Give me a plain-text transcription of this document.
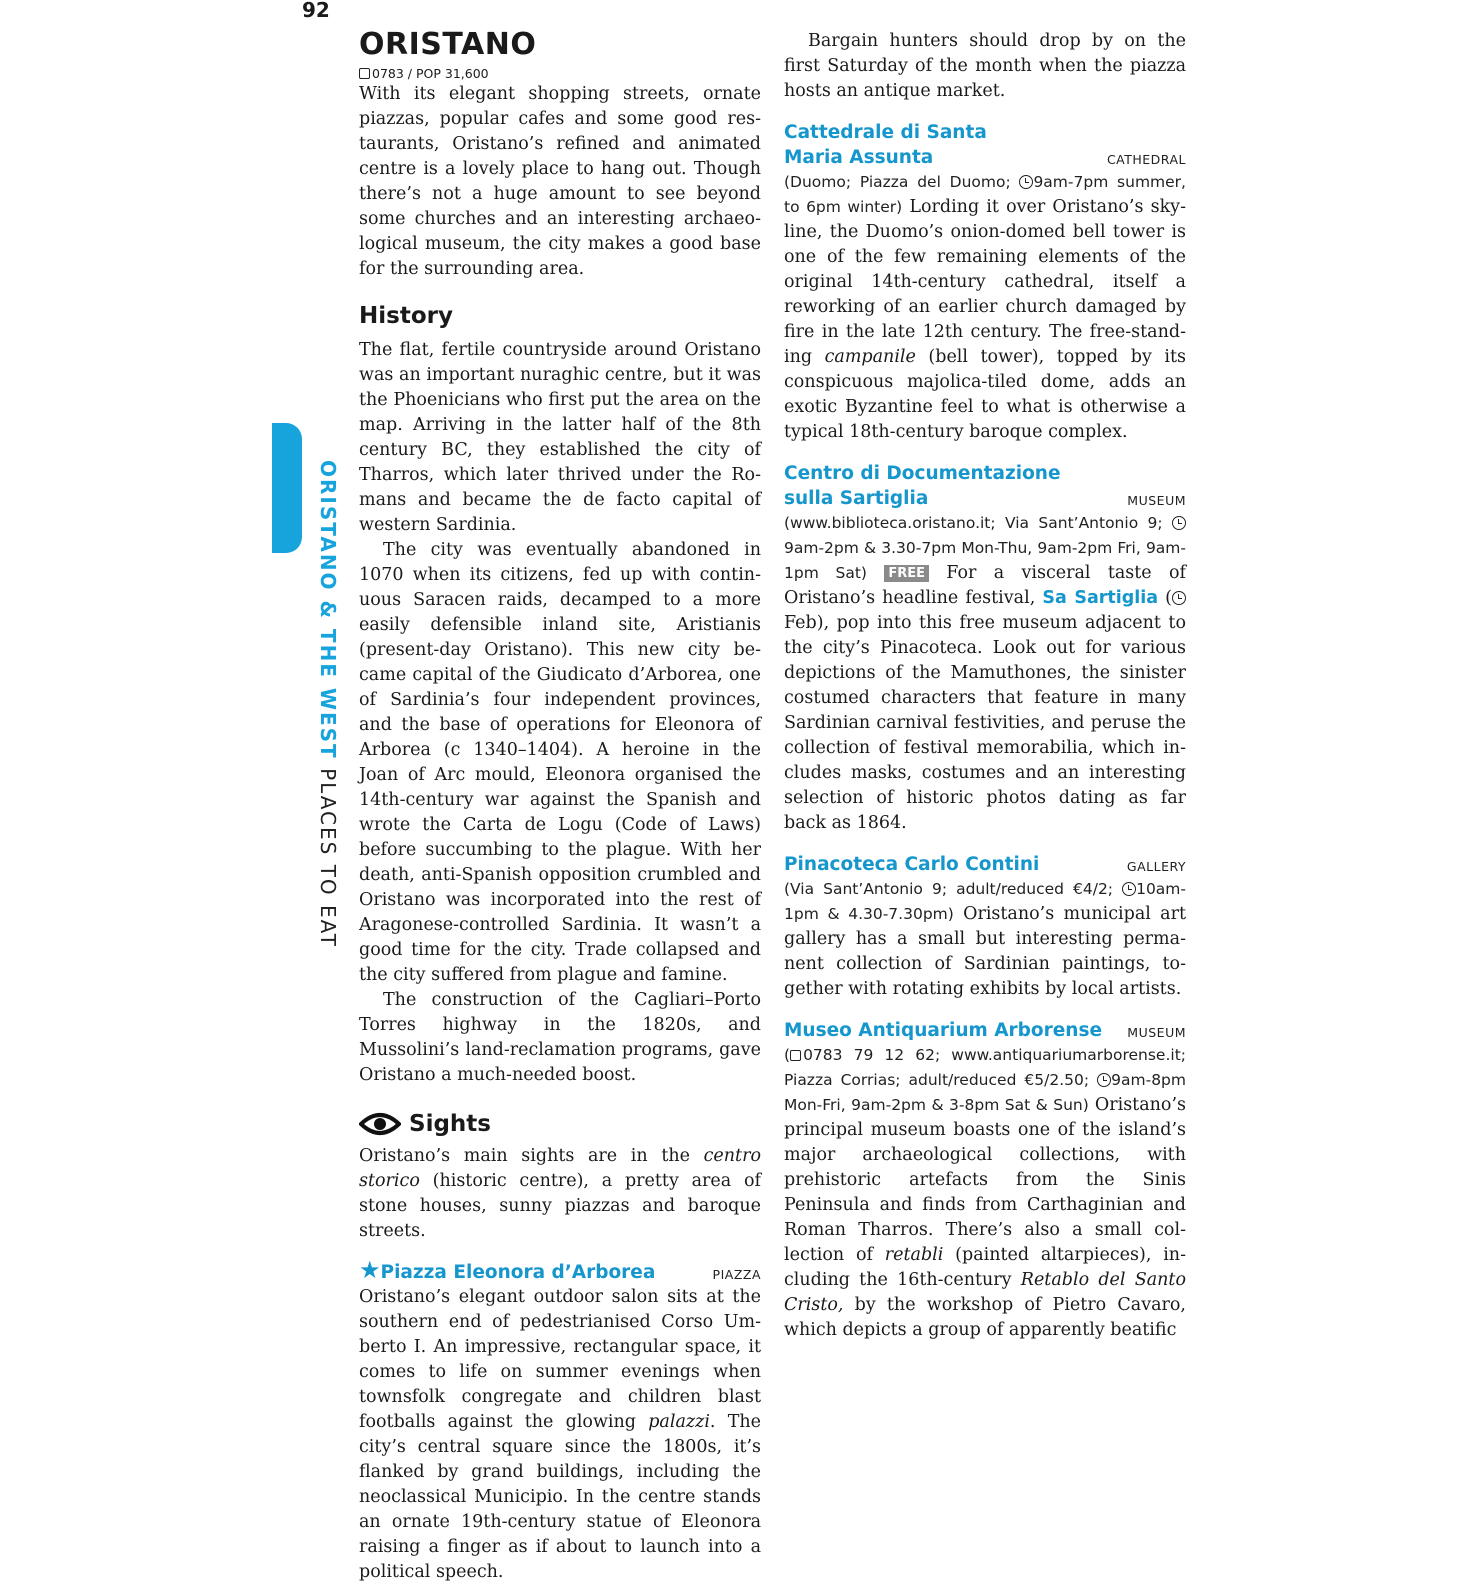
92
ORISTANO & THE WEST PLACES TO EAT
ORISTANO
0783 / POP 31,600

With its elegant shopping streets, ornate piazzas, popular cafes and some good restaurants, Oristano’s refined and animated centre is a lovely place to hang out. Though there’s not a huge amount to see beyond some churches and an interesting archaeological museum, the city makes a good base for the surrounding area.

History

The flat, fertile countryside around Oristano was an important nuraghic centre, but it was the Phoenicians who first put the area on the map. Arriving in the latter half of the 8th century BC, they established the city of Tharros, which later thrived under the Romans and became the de facto capital of western Sardinia.

The city was eventually abandoned in 1070 when its citizens, fed up with continuous Saracen raids, decamped to a more easily defensible inland site, Aristianis (present-day Oristano). This new city became capital of the Giudicato d’Arborea, one of Sardinia’s four independent provinces, and the base of operations for Eleonora of Arborea (c 1340–1404). A heroine in the Joan of Arc mould, Eleonora organised the 14th-century war against the Spanish and wrote the Carta de Logu (Code of Laws) before succumbing to the plague. With her death, anti-Spanish opposition crumbled and Oristano was incorporated into the rest of Aragonese-controlled Sardinia. It wasn’t a good time for the city. Trade collapsed and the city suffered from plague and famine.

The construction of the Cagliari–Porto Torres highway in the 1820s, and Mussolini’s land-reclamation programs, gave Oristano a much-needed boost.

Sights

Oristano’s main sights are in the centro storico (historic centre), a pretty area of stone houses, sunny piazzas and baroque streets.

★Piazza Eleonora d’Arborea	PIAZZA

Oristano’s elegant outdoor salon sits at the southern end of pedestrianised Corso Umberto I. An impressive, rectangular space, it comes to life on summer evenings when townsfolk congregate and children blast footballs against the glowing palazzi. The city’s central square since the 1800s, it’s flanked by grand buildings, including the neoclassical Municipio. In the centre stands an ornate 19th-century statue of Eleonora raising a finger as if about to launch into a political speech.

Bargain hunters should drop by on the first Saturday of the month when the piazza hosts an antique market.

Cattedrale di Santa
Maria Assunta	CATHEDRAL

(Duomo; Piazza del Duomo; 9am-7pm summer, to 6pm winter) Lording it over Oristano’s skyline, the Duomo’s onion-domed bell tower is one of the few remaining elements of the original 14th-century cathedral, itself a reworking of an earlier church damaged by fire in the late 12th century. The free-standing campanile (bell tower), topped by its conspicuous majolica-tiled dome, adds an exotic Byzantine feel to what is otherwise a typical 18th-century baroque complex.

Centro di Documentazione
sulla Sartiglia	MUSEUM

(www.biblioteca.oristano.it; Via Sant’Antonio 9; 9am-2pm & 3.30-7pm Mon-Thu, 9am-2pm Fri, 9am-1pm Sat) FREE For a visceral taste of Oristano’s headline festival, Sa Sartiglia (Feb), pop into this free museum adjacent to the city’s Pinacoteca. Look out for various depictions of the Mamuthones, the sinister costumed characters that feature in many Sardinian carnival festivities, and peruse the collection of festival memorabilia, which includes masks, costumes and an interesting selection of historic photos dating as far back as 1864.

Pinacoteca Carlo Contini	GALLERY

(Via Sant’Antonio 9; adult/reduced €4/2; 10am-1pm & 4.30-7.30pm) Oristano’s municipal art gallery has a small but interesting permanent collection of Sardinian paintings, together with rotating exhibits by local artists.

Museo Antiquarium Arborense MUSEUM

( 0783 79 12 62; www.antiquariumarborense.it; Piazza Corrias; adult/reduced €5/2.50; 9am-8pm Mon-Fri, 9am-2pm & 3-8pm Sat & Sun) Oristano’s principal museum boasts one of the island’s major archaeological collections, with prehistoric artefacts from the Sinis Peninsula and finds from Carthaginian and Roman Tharros. There’s also a small collection of retabli (painted altarpieces), including the 16th-century Retablo del Santo Cristo, by the workshop of Pietro Cavaro, which depicts a group of apparently beatific
